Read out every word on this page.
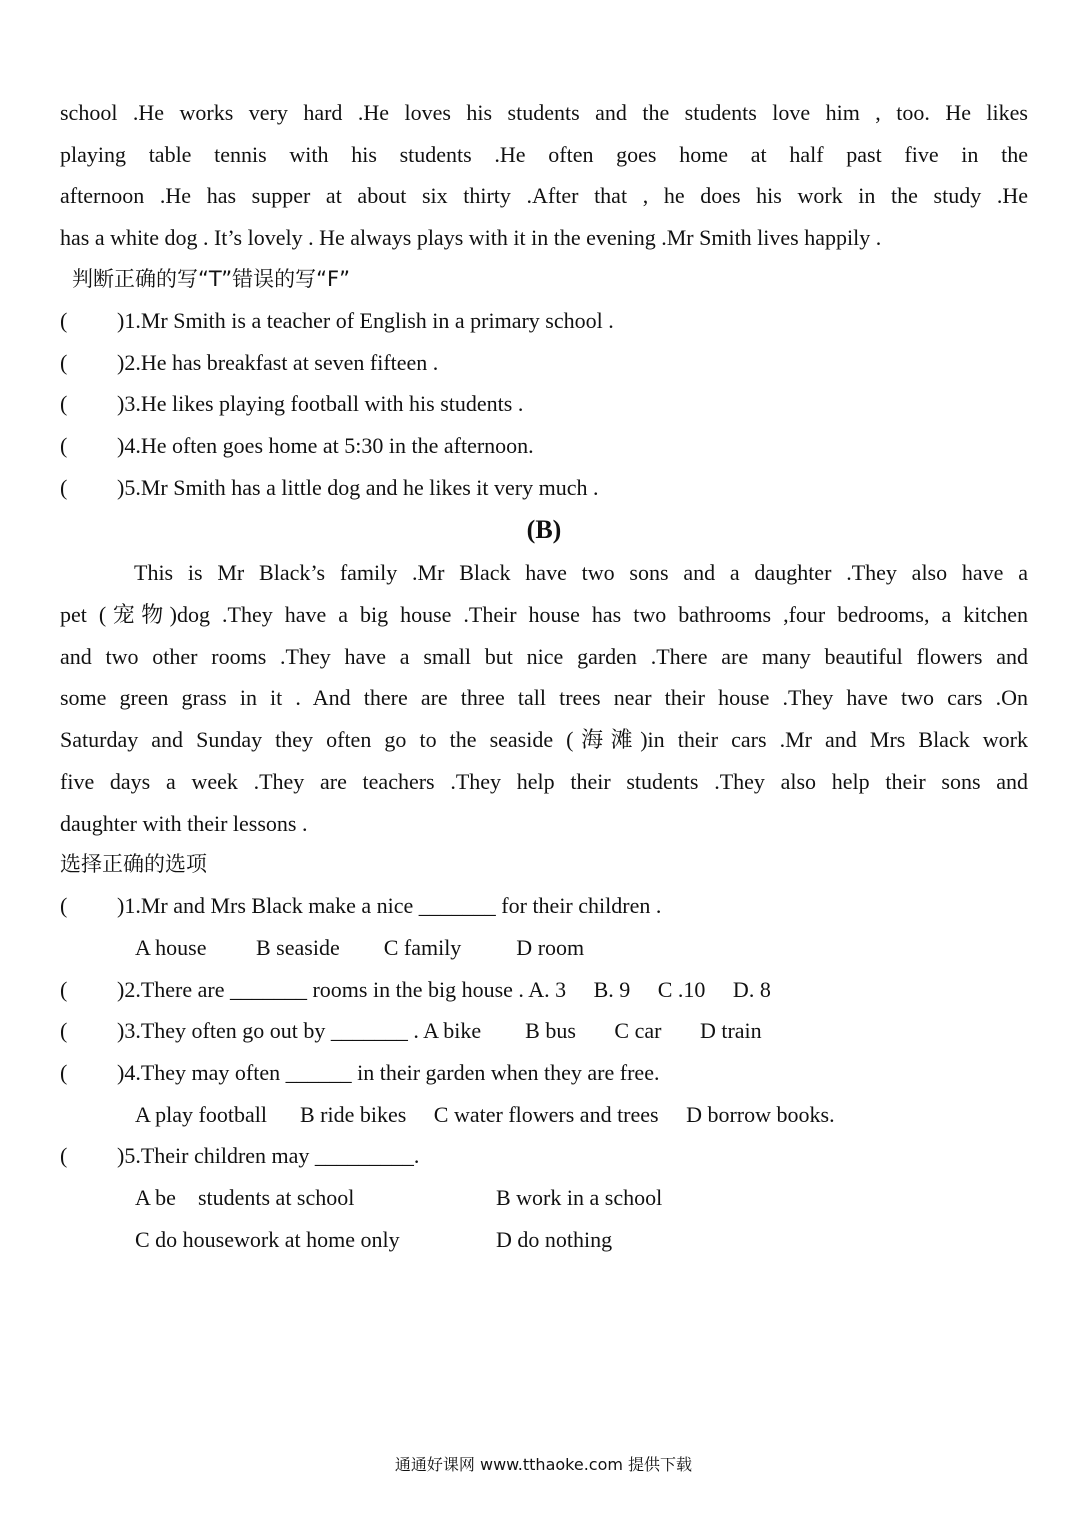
school .He works very hard .He loves his students and the students love him , too. He likes
playing table tennis with his students .He often goes home at half past five in the
afternoon .He has supper at about six thirty .After that , he does his work in the study .He
has a white dog . It’s lovely . He always plays with it in the evening .Mr Smith lives happily .

判断正确的写“T”错误的写“F”

(	)1.Mr Smith is a teacher of English in a primary school .

(	)2.He has breakfast at seven fifteen .

(	)3.He likes playing football with his students .

(	)4.He often goes home at 5:30 in the afternoon.

(	)5.Mr Smith has a little dog and he likes it very much .

(B)

This is Mr Black’s family .Mr Black have two sons and a daughter .They also have a
pet (宠物)dog .They have a big house .Their house has two bathrooms ,four bedrooms, a kitchen
and two other rooms .They have a small but nice garden .There are many beautiful flowers and
some green grass in it . And there are three tall trees near their house .They have two cars .On
Saturday and Sunday they often go to the seaside (海滩)in their cars .Mr and Mrs Black work
five days a week .They are teachers .They help their students .They also help their sons and
daughter with their lessons .

选择正确的选项

(	)1.Mr and Mrs Black make a nice _______ for their children .

A house         B seaside        C family          D room

(	)2.There are _______ rooms in the big house . A. 3     B. 9     C .10     D. 8

(	)3.They often go out by _______ . A bike        B bus       C car       D train

(	)4.They may often ______ in their garden when they are free.

A play football      B ride bikes     C water flowers and trees     D borrow books.

(	)5.Their children may _________.

A be    students at school	B work in a school
C do housework at home only	D do nothing
通通好课网 www.tthaoke.com 提供下载
